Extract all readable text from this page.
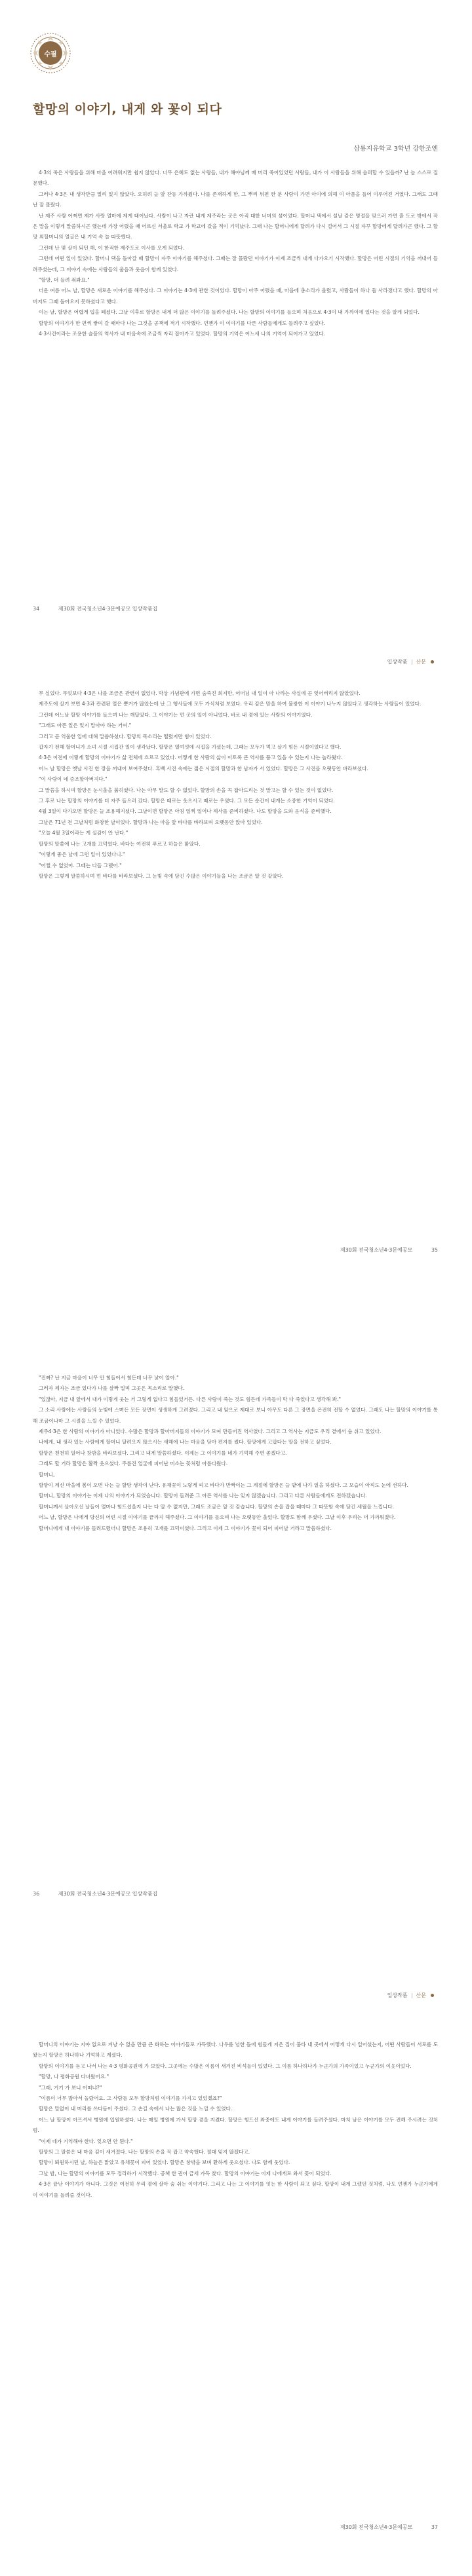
수필
할망의 이야기, 내게 와 꽃이 되다
삼룡지유학교 3학년 강한조엔

4·3의 죽은 사람들을 위해 마을 어려워지만 쉽지 않았다. 너무 은혜도 없는 사람들, 내가 해야님께 매 머리 죽어있었던 사람들, 내가 이 사람들을 위해 슬퍼할 수 있을까? 난 늘 스스로 질문했다.

그러나 4·3은 내 생각만큼 멀리 있지 않았다. 오히려 늘 앞 잔등 가까웠다. 나를 존재하게 한, 그 뿌리 뒤편 한 분 사람이 가면 아이에 의해 이 아픔을 들어 이루어진 거였다. 그래도 그때 난 잘 몰랐다.

난 제주 사람 어쩌면 제가 사랑 얼마에 제게 태어났다. 사람이 나고 자란 내게 제주라는 곳은 아직 대한 너머의 섬이었다. 할머니 댁에서 설날 같은 명절을 맞으러 가면 흙 도로 밖에서 작은 말을 이렇게 말씀하시곤 했는데 가장 어렸을 때 어르신 서울로 학교 가 학교에 갔을 적이 기억났다. 그때 나는 할머니에게 달려가 다시 걸어서 그 시절 자꾸 할망에게 달려가곤 했다. 그 할망 외할머니의 얼굴은 내 기억 속 늘 따뜻했다.

그런데 난 몇 살이 되던 해, 이 한적한 제주도로 이사를 오게 되었다.

그런데 어떤 일이 있었다. 할머니 댁을 돌아갈 때 할망이 자주 이야기를 해주셨다. 그때는 잘 몰랐던 이야기가 이제 조금씩 내게 다가오기 시작했다. 할망은 어린 시절의 기억을 꺼내어 들려주셨는데, 그 이야기 속에는 사람들의 울음과 웃음이 함께 있었다.

"할망, 더 들려 줘봐요."

더운 여름 어느 날, 할망은 새로운 이야기를 해주셨다. 그 이야기는 4·3에 관한 것이었다. 할망이 아주 어렸을 때, 마을에 총소리가 울렸고, 사람들이 하나 둘 사라졌다고 했다. 할망의 아버지도 그때 돌아오지 못하셨다고 했다.

이는 날, 할망은 어렵게 입을 떼셨다. 그날 이후로 할망은 내게 더 많은 이야기를 들려주셨다. 나는 할망의 이야기를 들으며 처음으로 4·3이 내 가까이에 있다는 것을 알게 되었다.

할망의 이야기가 한 편씩 쌓여 갈 때마다 나는 그것을 공책에 적기 시작했다. 언젠가 이 이야기를 다른 사람들에게도 들려주고 싶었다.

4·3사건이라는 조용한 슬픔의 역사가 내 마음속에 조금씩 자리 잡아가고 있었다. 할망의 기억은 어느새 나의 기억이 되어가고 있었다.

34	제30회 전국청소년4·3문예공모 입상작품집
입상작품 산문

무 실었다. 무엇보다 4·3은 나를 조금은 관련이 없었다. 막상 가념판에 가면 숨죽진 희지만, 어머님 내 일이 아 나라는 사실에 곧 잊어버리지 않았었다.

제주도에 살기 보면 4·3과 관련된 얼은 뿐거가 많았는데 난 그 행사들에 모두 가식처럼 보였다. 우리 같은 맘을 하여 불쌍한 이 이야기 나누지 않았다고 생각하는 사람들이 있었다.

그런데 어느날 할망 이야기를 들으며 나는 깨달았다. 그 이야기는 먼 곳의 일이 아니었다. 바로 내 곁에 있는 사람의 이야기였다.

"그래도 아픈 일은 잊지 말아야 하는 거여."

그러고 곧 억울한 일에 대해 말씀하셨다. 할망의 목소리는 떨렸지만 힘이 있었다.

갑자기 전해 할머니가 소녀 시절 시집간 일이 생각났다. 할망은 열여섯에 시집을 가셨는데, 그때는 모두가 먹고 살기 힘든 시절이었다고 했다.

4·3은 이전에 이렇게 할망의 이야기가 삶 전체에 흐르고 있었다. 어떻게 한 사람의 삶이 이토록 큰 역사를 품고 있을 수 있는지 나는 놀라웠다.

어느 날 할망은 옛날 사진 한 장을 꺼내어 보여주셨다. 흑백 사진 속에는 젊은 시절의 할망과 한 남자가 서 있었다. 할망은 그 사진을 오랫동안 바라보셨다.

"이 사람이 네 증조할아버지다."

그 말씀을 하시며 할망은 눈시울을 붉히셨다. 나는 아무 말도 할 수 없었다. 할망의 손을 꼭 잡아드리는 것 말고는 할 수 있는 것이 없었다.

그 후로 나는 할망의 이야기를 더 자주 들으러 갔다. 할망은 때로는 웃으시고 때로는 우셨다. 그 모든 순간이 내게는 소중한 기억이 되었다.

4월 3일이 다가오면 할망은 늘 조용해지셨다. 그날이면 할망은 아침 일찍 일어나 제사를 준비하셨다. 나도 할망을 도와 음식을 준비했다.

그날은 71년 전 그날처럼 화창한 날이었다. 할망과 나는 마을 앞 바다를 바라보며 오랫동안 앉아 있었다.

"오늘 4월 3일이라는 게 실감이 안 난다."

할망의 말씀에 나는 고개를 끄덕였다. 바다는 여전히 푸르고 하늘은 맑았다.

"이렇게 좋은 날에 그런 일이 있었다니."

"어쩔 수 없었어. 그때는 다들 그랬어."

할망은 그렇게 말씀하시며 먼 바다를 바라보셨다. 그 눈빛 속에 담긴 수많은 이야기들을 나는 조금은 알 것 같았다.

제30회 전국청소년4·3문예공모	35

"진짜? 난 지금 마음이 너무 안 힘들어서 힘든데 너무 낯이 알아."

그러자 제자는 조금 있다가 나를 살짝 밀며 그곳은 목소리로 말했다.

"있잖아, 지금 내 앞에서 내가 이렇게 웃는 거 그렇게 없다고 힘들었거든. 다른 사람이 죽는 것도 힘든데 가족들이 막 다 죽었다고 생각해 봐."

그 소리 사람에는 사람들의 눈빛에 스며든 모든 장면이 생생하게 그려졌다. 그리고 내 앞으로 제대로 보니 아무도 다른 그 장면을 온전히 전할 수 없었다. 그래도 나는 할망의 이야기를 통해 조금이나마 그 시절을 느낄 수 있었다.

제주4·3은 한 사람의 이야기가 아니었다. 수많은 할망과 할아버지들의 이야기가 모여 만들어진 역사였다. 그리고 그 역사는 지금도 우리 곁에서 숨 쉬고 있었다.

나에게, 내 생각 있는 사람에게 할머니 달려오지 않으시는 새해에 나는 마음을 담아 편지를 썼다. 할망에게 고맙다는 말을 전하고 싶었다.

할망은 천천히 일어나 창밖을 바라보셨다. 그리고 내게 말씀하셨다. 이제는 그 이야기를 네가 기억해 주면 좋겠다고.

그래도 할 거라 할망은 활짝 웃으셨다. 주름진 얼굴에 피어난 미소는 꽃처럼 아름다웠다.

할머니,

할망이 계신 마을에 봄이 오면 나는 늘 할망 생각이 난다. 유채꽃이 노랗게 피고 바다가 반짝이는 그 계절에 할망은 늘 밭에 나가 일을 하셨다. 그 모습이 아직도 눈에 선하다.

할머니, 할망의 이야기는 이제 나의 이야기가 되었습니다. 할망이 들려준 그 아픈 역사를 나는 잊지 않겠습니다. 그리고 다른 사람들에게도 전하겠습니다.

할머니께서 살아오신 날들이 얼마나 힘드셨을지 나는 다 알 수 없지만, 그래도 조금은 알 것 같습니다. 할망의 손을 잡을 때마다 그 따뜻함 속에 담긴 세월을 느낍니다.

어느 날, 할망은 나에게 당신의 어린 시절 이야기를 끝까지 해주셨다. 그 이야기를 들으며 나는 오랫동안 울었다. 할망도 함께 우셨다. 그날 이후 우리는 더 가까워졌다.

할머니에게 내 이야기를 들려드렸더니 할망은 조용히 고개를 끄덕이셨다. 그리고 이제 그 이야기가 꽃이 되어 피어날 거라고 말씀하셨다.

36	제30회 전국청소년4·3문예공모 입상작품집
입상작품 산문

할머니의 이야기는 지야 없으로 겨냥 수 없을 만큼 큰 화하는 이야기들로 가득했다. 나우를 넘한 돌에 힘들게 지은 집이 불타 내 곳에서 어떻게 다시 일어섰는지, 어떤 사람들이 서로를 도왔는지 할망은 하나하나 기억하고 계셨다.

할망의 이야기를 듣고 나서 나는 4·3 평화공원에 가 보았다. 그곳에는 수많은 이름이 새겨진 비석들이 있었다. 그 이름 하나하나가 누군가의 가족이었고 누군가의 이웃이었다.

"할망, 나 평화공원 다녀왔어요."

"그래, 거기 가 보니 어떠냐?"

"이름이 너무 많아서 놀랐어요. 그 사람들 모두 할망처럼 이야기를 가지고 있었겠죠?"

할망은 말없이 내 머리를 쓰다듬어 주셨다. 그 손길 속에서 나는 많은 것을 느낄 수 있었다.

어느 날 할망이 아프셔서 병원에 입원하셨다. 나는 매일 병원에 가서 할망 곁을 지켰다. 할망은 힘드신 와중에도 내게 이야기를 들려주셨다. 마치 남은 이야기를 모두 전해 주시려는 것처럼.

"이제 네가 기억해야 한다. 잊으면 안 된다."

할망의 그 말씀은 내 마음 깊이 새겨졌다. 나는 할망의 손을 꼭 잡고 약속했다. 절대 잊지 않겠다고.

할망이 퇴원하시던 날, 하늘은 맑았고 유채꽃이 피어 있었다. 할망은 창밖을 보며 환하게 웃으셨다. 나도 함께 웃었다.

그날 밤, 나는 할망의 이야기를 모두 정리하기 시작했다. 공책 한 권이 금세 가득 찼다. 할망의 이야기는 이제 나에게로 와서 꽃이 되었다.

4·3은 끝난 이야기가 아니다. 그것은 여전히 우리 곁에 살아 숨 쉬는 이야기다. 그리고 나는 그 이야기를 잇는 한 사람이 되고 싶다. 할망이 내게 그랬던 것처럼, 나도 언젠가 누군가에게 이 이야기를 들려줄 것이다.

제30회 전국청소년4·3문예공모	37
